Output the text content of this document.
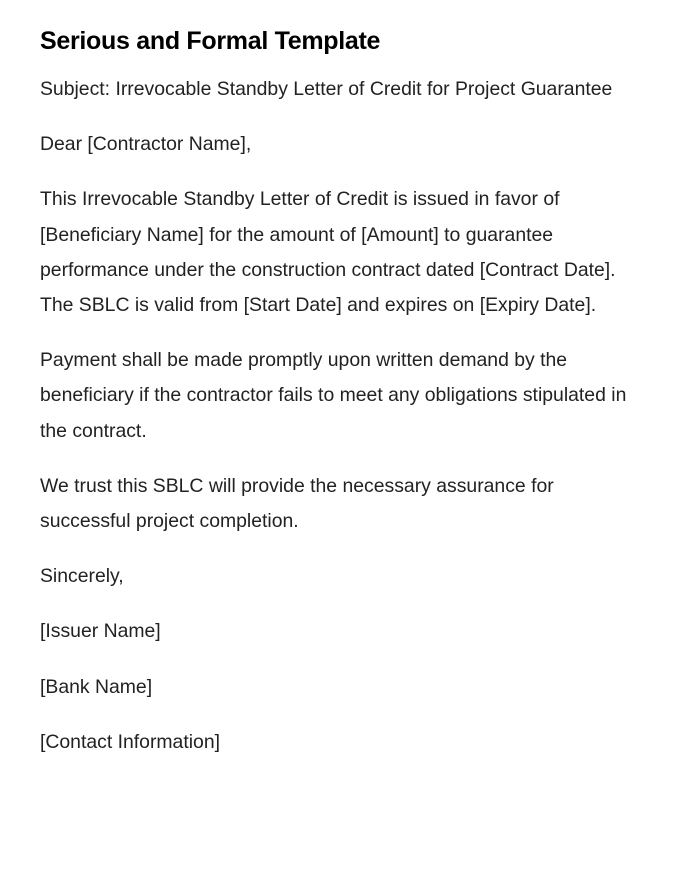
Serious and Formal Template

Subject: Irrevocable Standby Letter of Credit for Project Guarantee

Dear [Contractor Name],

This Irrevocable Standby Letter of Credit is issued in favor of [Beneficiary Name] for the amount of [Amount] to guarantee performance under the construction contract dated [Contract Date]. The SBLC is valid from [Start Date] and expires on [Expiry Date].

Payment shall be made promptly upon written demand by the beneficiary if the contractor fails to meet any obligations stipulated in the contract.

We trust this SBLC will provide the necessary assurance for successful project completion.

Sincerely,

[Issuer Name]

[Bank Name]

[Contact Information]
